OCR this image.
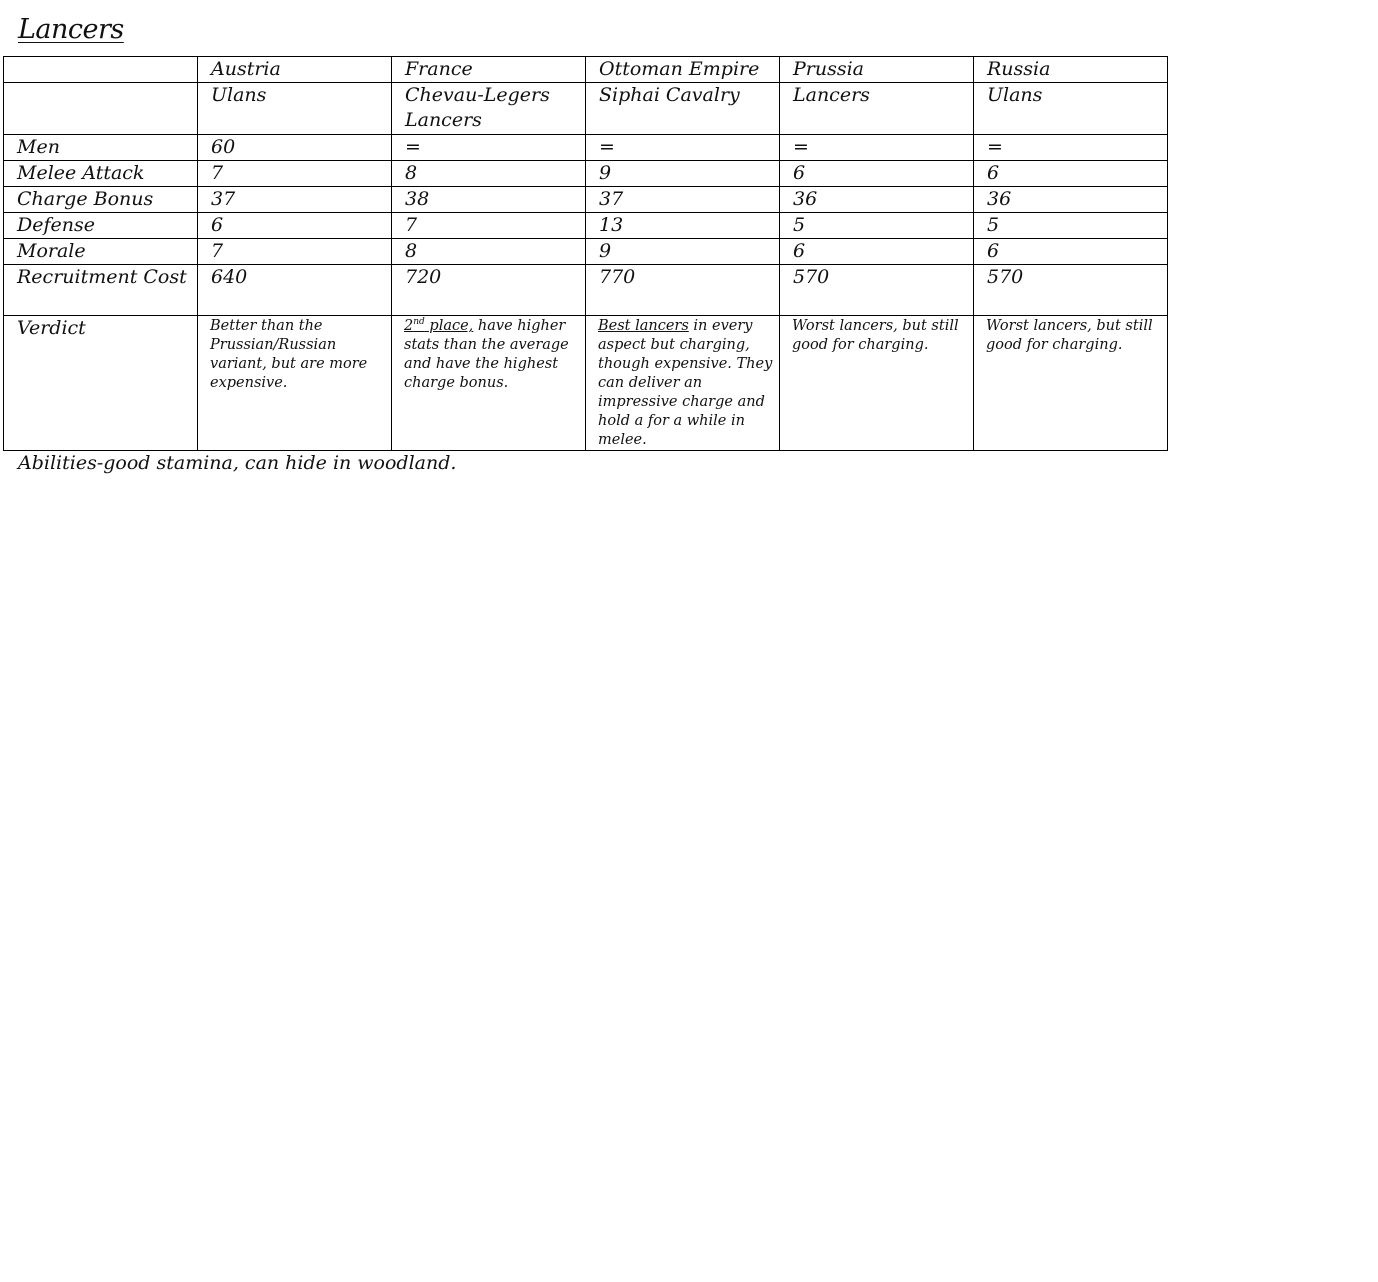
Lancers
	Austria	France	Ottoman Empire	Prussia	Russia
	Ulans	Chevau-Legers Lancers	Siphai Cavalry	Lancers	Ulans
Men	60	=	=	=	=
Melee Attack	7	8	9	6	6
Charge Bonus	37	38	37	36	36
Defense	6	7	13	5	5
Morale	7	8	9	6	6
Recruitment Cost	640	720	770	570	570
Verdict	Better than the Prussian/Russian variant, but are more expensive.	2nd place, have higher stats than the average and have the highest charge bonus.	Best lancers in every aspect but charging, though expensive. They can deliver an impressive charge and hold a for a while in melee.	Worst lancers, but still good for charging.	Worst lancers, but still good for charging.
Abilities-good stamina, can hide in woodland.
